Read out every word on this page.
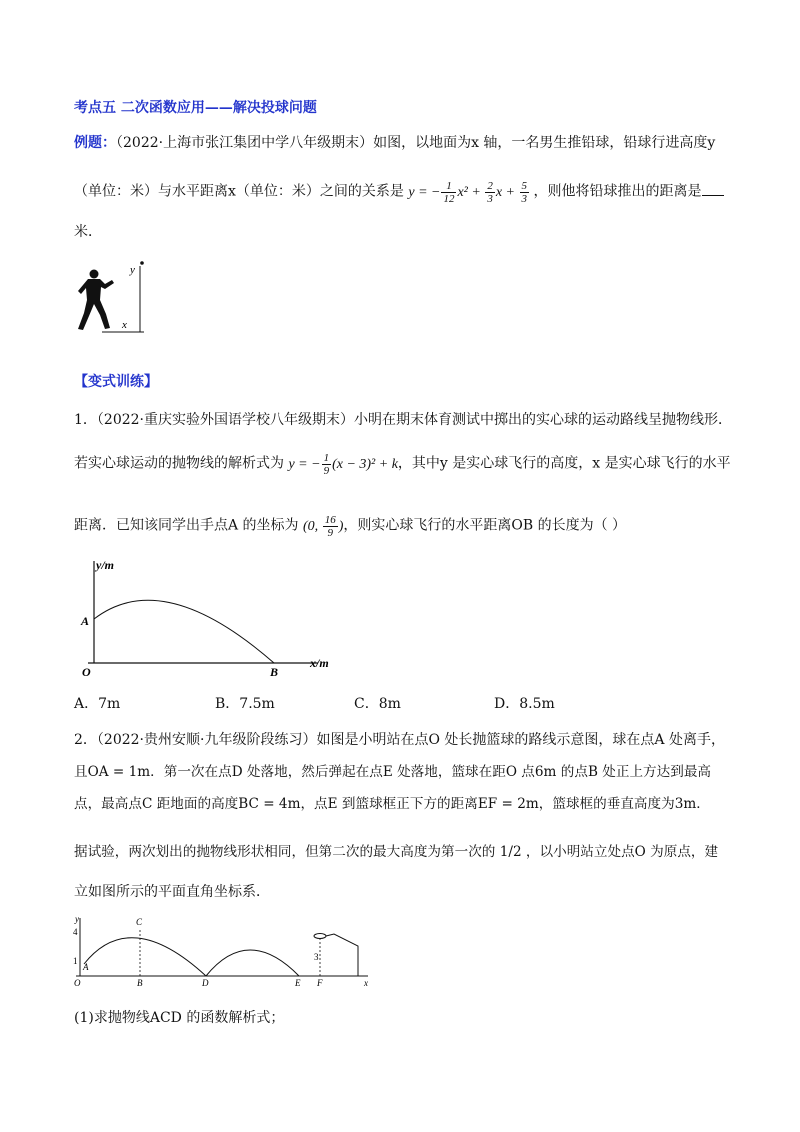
考点五 二次函数应用——解决投球问题
例题：（2022·上海市张江集团中学八年级期末）如图，以地面为x 轴，一名男生推铅球，铅球行进高度y
（单位：米）与水平距离x（单位：米）之间的关系是 y = − $\frac{1}{12} x^2 + \frac{2}{3}$ $x + \frac{5}{3}$ ，则他将铅球推出的距离是
米．
y
x
【变式训练】
1．（2022·重庆实验外国语学校八年级期末）小明在期末体育测试中掷出的实心球的运动路线呈抛物线形．
若实心球运动的抛物线的解析式为 y = − $\frac{1}{9} (x - 3)^2 + k$，其中y 是实心球飞行的高度，x 是实心球飞行的水平
距离．已知该同学出手点A 的坐标为 (0, $\frac{16}{9}$ )，则实心球飞行的水平距离OB 的长度为（ ）
y/m
x/m
A
O	B
A．7m	B．7.5m	C．8m	D．8.5m
2．（2022·贵州安顺·九年级阶段练习）如图是小明站在点O 处长抛篮球的路线示意图，球在点A 处离手，
且OA = 1m．第一次在点D 处落地，然后弹起在点E 处落地，篮球在距O 点6m 的点B 处正上方达到最高
点，最高点C 距地面的高度BC = 4m，点E 到篮球框正下方的距离EF = 2m，篮球框的垂直高度为3m．
据试验，两次划出的抛物线形状相同，但第二次的最大高度为第一次的 1/2 ，以小明站立处点O 为原点，建
立如图所示的平面直角坐标系．
y
4
1	3
C
A
O	B	D	E F	x
(1)求抛物线ACD 的函数解析式；
